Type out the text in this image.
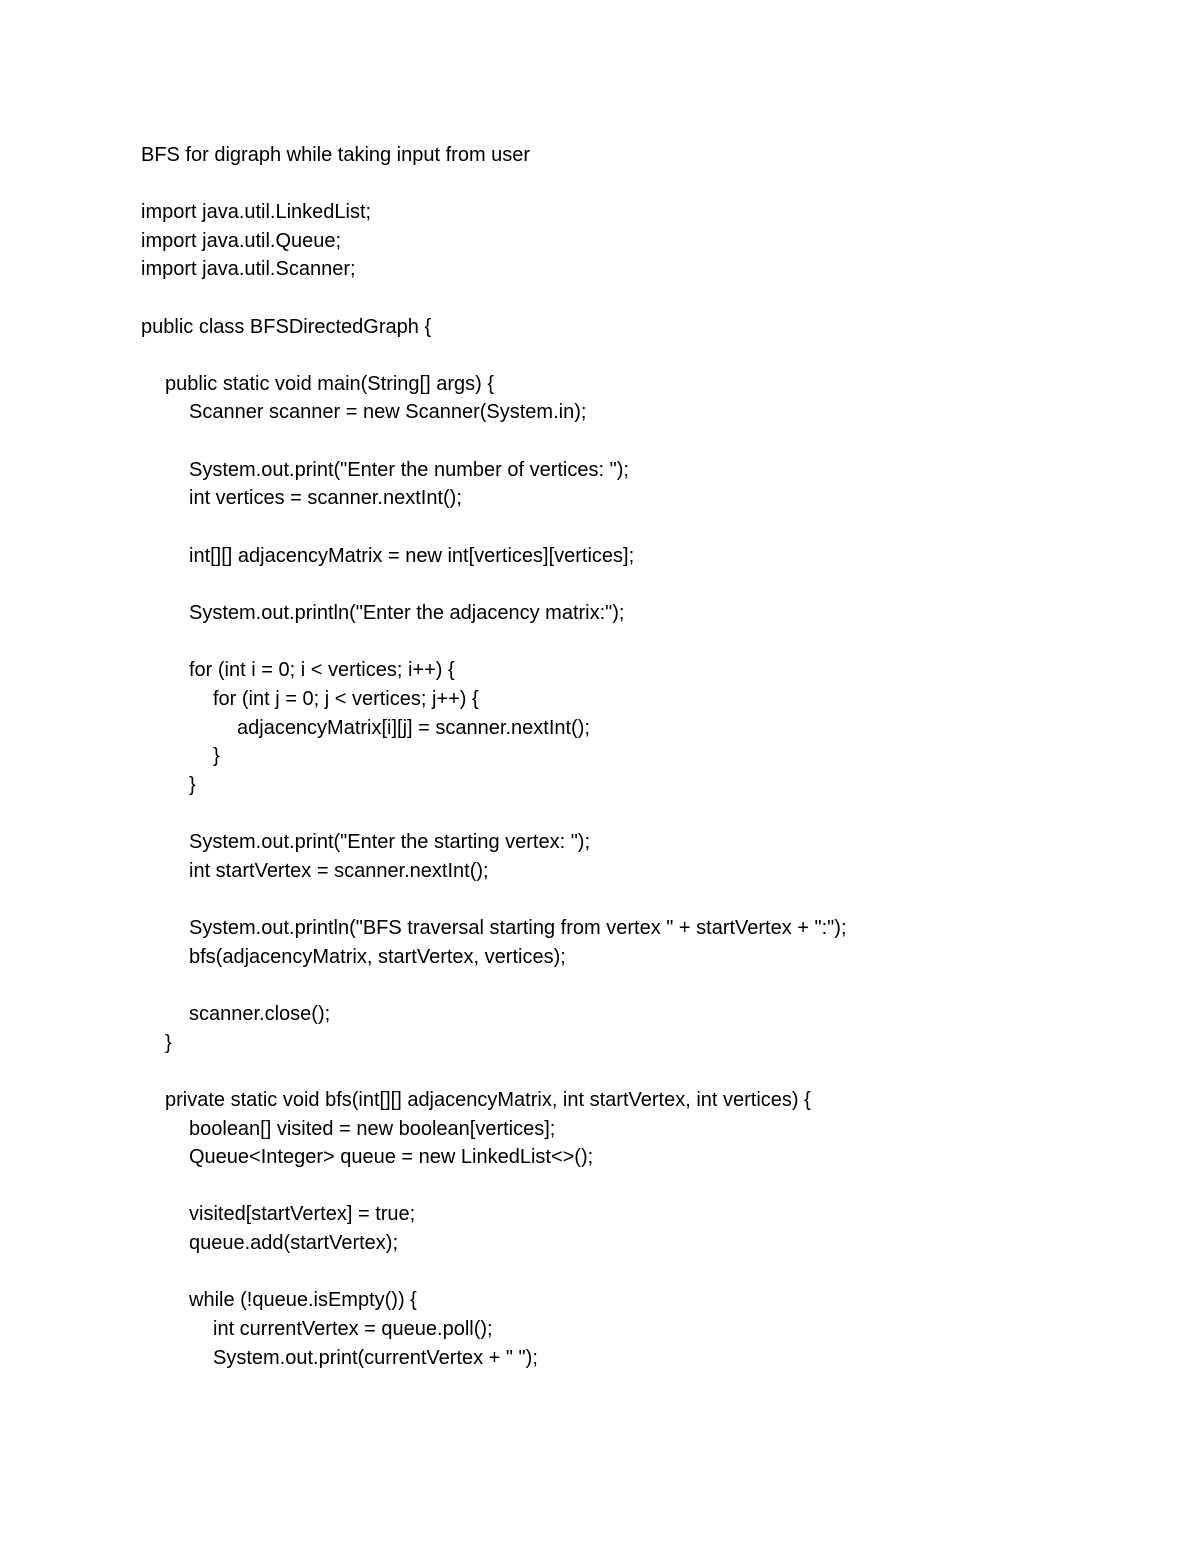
BFS for digraph while taking input from user
import java.util.LinkedList;
import java.util.Queue;
import java.util.Scanner;
public class BFSDirectedGraph {
public static void main(String[] args) {
Scanner scanner = new Scanner(System.in);
System.out.print("Enter the number of vertices: ");
int vertices = scanner.nextInt();
int[][] adjacencyMatrix = new int[vertices][vertices];
System.out.println("Enter the adjacency matrix:");
for (int i = 0; i < vertices; i++) {
for (int j = 0; j < vertices; j++) {
adjacencyMatrix[i][j] = scanner.nextInt();
}
}
System.out.print("Enter the starting vertex: ");
int startVertex = scanner.nextInt();
System.out.println("BFS traversal starting from vertex " + startVertex + ":");
bfs(adjacencyMatrix, startVertex, vertices);
scanner.close();
}
private static void bfs(int[][] adjacencyMatrix, int startVertex, int vertices) {
boolean[] visited = new boolean[vertices];
Queue<Integer> queue = new LinkedList<>();
visited[startVertex] = true;
queue.add(startVertex);
while (!queue.isEmpty()) {
int currentVertex = queue.poll();
System.out.print(currentVertex + " ");
